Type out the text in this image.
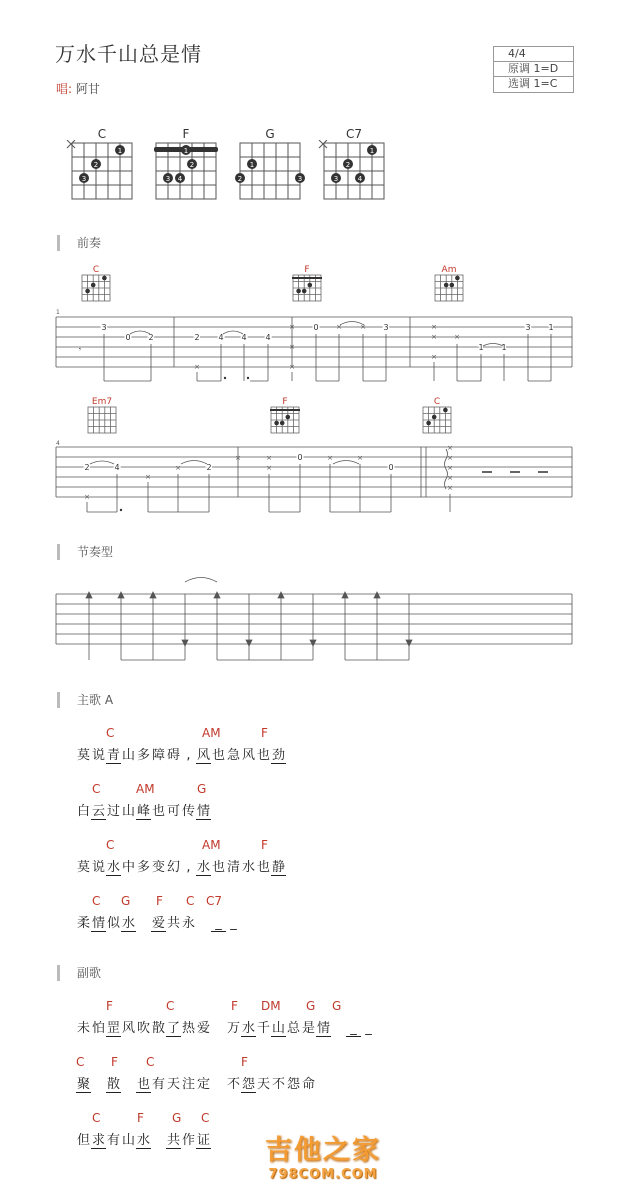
万水千山总是情
唱: 阿甘
4/4
原调 1=D
选调 1=C
C
1
2
3
F
1
2
3 4
G
1
2	3
C7
1
2
3	4
前奏
C	F	Am
1
𝄾
3
0 2	2 4 4 4
0	3	3 1
1 1
×
×
×
×
×	×	×
×
×
×
Em7	F	C
4
2	4	2
0
0
×
×
×
×	×
×
×	×
×
×
×
×
×
节奏型
主歌 A
C	AM	F
莫 说 青 山 多 障 碍 , 风 也 急 风 也 劲
C	AM	G
白 云 过 山 峰 也 可 传 情
C	AM	F
莫 说 水 中 多 变 幻 , 水 也 清 水 也 静
C G F C C7
柔 情 似 水 爱 共 永 _ _
副歌
F	C	F DM G G
未 怕 罡 风 吹 散 了 热 爱 万 水 千 山 总 是 情 _ _
C F C	F
聚 散 也 有 天 注 定 不 怨 天 不 怨 命
C	F G C
但 求 有 山 水 共 作 证	吉他之家
798COM.COM
